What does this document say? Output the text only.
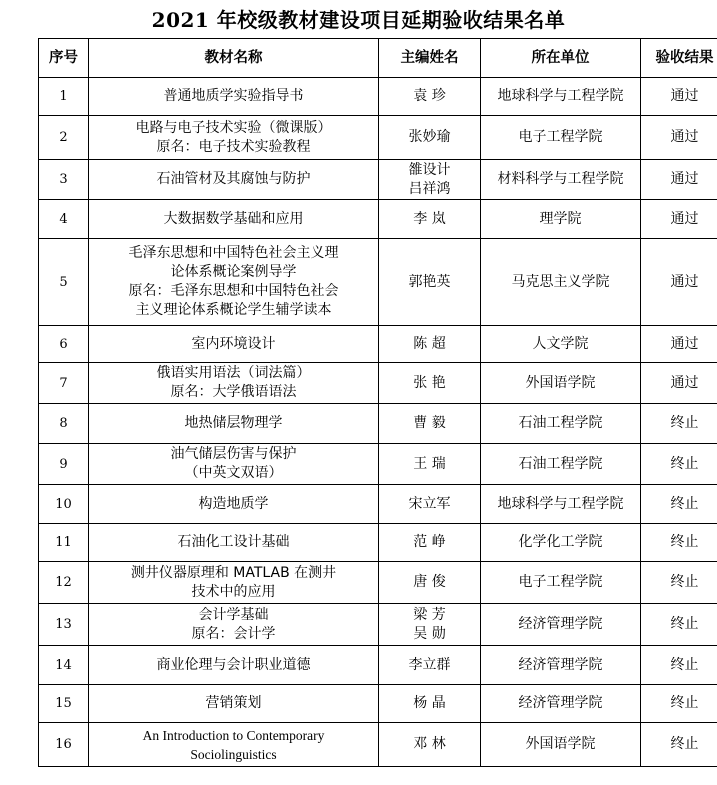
2021 年校级教材建设项目延期验收结果名单
序号	教材名称	主编姓名	所在单位	验收结果
1	普通地质学实验指导书	袁 珍	地球科学与工程学院	通过
2	电路与电子技术实验（微课版）
原名：电子技术实验教程	张妙瑜	电子工程学院	通过
3	石油管材及其腐蚀与防护	雒设计
吕祥鸿	材料科学与工程学院	通过
4	大数据数学基础和应用	李 岚	理学院	通过
5	毛泽东思想和中国特色社会主义理
论体系概论案例导学
原名：毛泽东思想和中国特色社会
主义理论体系概论学生辅学读本	郭艳英	马克思主义学院	通过
6	室内环境设计	陈 超	人文学院	通过
7	俄语实用语法（词法篇）
原名：大学俄语语法	张 艳	外国语学院	通过
8	地热储层物理学	曹 毅	石油工程学院	终止
9	油气储层伤害与保护
（中英文双语）	王 瑞	石油工程学院	终止
10	构造地质学	宋立军	地球科学与工程学院	终止
11	石油化工设计基础	范 峥	化学化工学院	终止
12	测井仪器原理和 MATLAB 在测井
技术中的应用	唐 俊	电子工程学院	终止
13	会计学基础
原名：会计学	梁 芳
吴 勋	经济管理学院	终止
14	商业伦理与会计职业道德	李立群	经济管理学院	终止
15	营销策划	杨 晶	经济管理学院	终止
16	An Introduction to Contemporary
Sociolinguistics	邓 林	外国语学院	终止
